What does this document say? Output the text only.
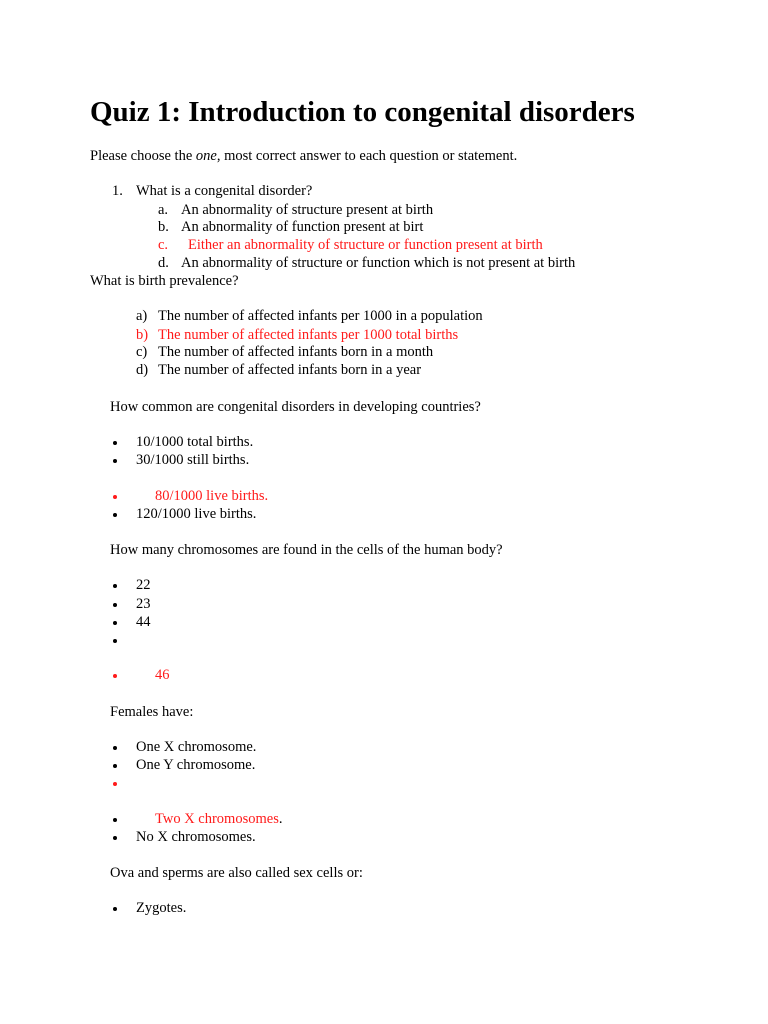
Quiz 1: Introduction to congenital disorders
Please choose the one, most correct answer to each question or statement.
1. What is a congenital disorder?
a. An abnormality of structure present at birth
b. An abnormality of function present at birt
c. Either an abnormality of structure or function present at birth
d. An abnormality of structure or function which is not present at birth
What is birth prevalence?
a) The number of affected infants per 1000 in a population
b) The number of affected infants per 1000 total births
c) The number of affected infants born in a month
d) The number of affected infants born in a year
How common are congenital disorders in developing countries?
10/1000 total births.
30/1000 still births.
80/1000 live births.
120/1000 live births.
How many chromosomes are found in the cells of the human body?
22
23
44
46
Females have:
One X chromosome.
One Y chromosome.
Two X chromosomes.
No X chromosomes.
Ova and sperms are also called sex cells or:
Zygotes.
